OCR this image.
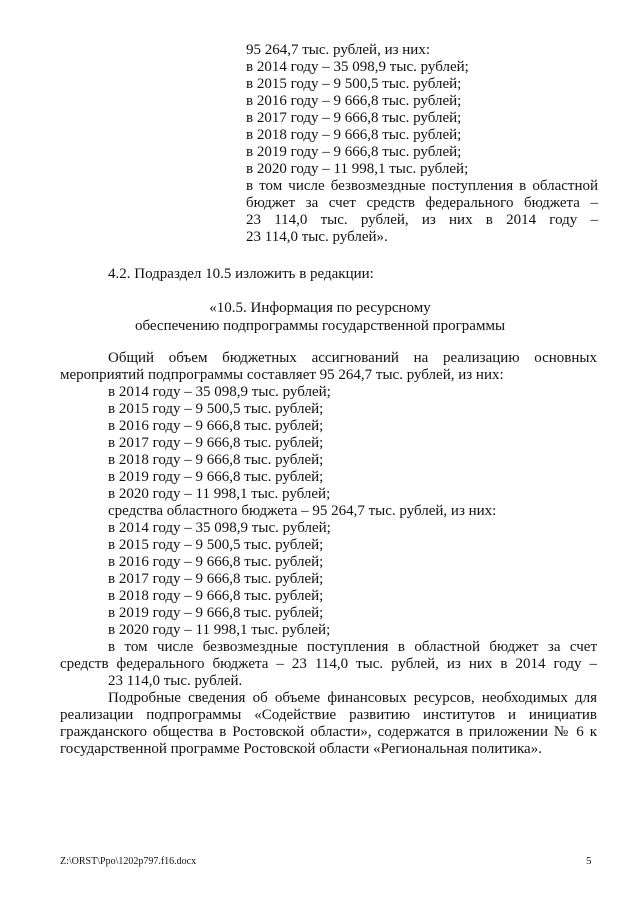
95 264,7 тыс. рублей, из них:
в 2014 году – 35 098,9 тыс. рублей;
в 2015 году – 9 500,5 тыс. рублей;
в 2016 году – 9 666,8 тыс. рублей;
в 2017 году – 9 666,8 тыс. рублей;
в 2018 году – 9 666,8 тыс. рублей;
в 2019 году – 9 666,8 тыс. рублей;
в 2020 году – 11 998,1 тыс. рублей;
в том числе безвозмездные поступления в областной
бюджет за счет средств федерального бюджета –
23 114,0 тыс. рублей, из них в 2014 году –
23 114,0 тыс. рублей».
4.2. Подраздел 10.5 изложить в редакции:
«10.5. Информация по ресурсному
обеспечению подпрограммы государственной программы
Общий объем бюджетных ассигнований на реализацию основных
мероприятий подпрограммы составляет 95 264,7 тыс. рублей, из них:
в 2014 году – 35 098,9 тыс. рублей;
в 2015 году – 9 500,5 тыс. рублей;
в 2016 году – 9 666,8 тыс. рублей;
в 2017 году – 9 666,8 тыс. рублей;
в 2018 году – 9 666,8 тыс. рублей;
в 2019 году – 9 666,8 тыс. рублей;
в 2020 году – 11 998,1 тыс. рублей;
средства областного бюджета – 95 264,7 тыс. рублей, из них:
в 2014 году – 35 098,9 тыс. рублей;
в 2015 году – 9 500,5 тыс. рублей;
в 2016 году – 9 666,8 тыс. рублей;
в 2017 году – 9 666,8 тыс. рублей;
в 2018 году – 9 666,8 тыс. рублей;
в 2019 году – 9 666,8 тыс. рублей;
в 2020 году – 11 998,1 тыс. рублей;
в том числе безвозмездные поступления в областной бюджет за счет
средств федерального бюджета – 23 114,0 тыс. рублей, из них в 2014 году –
23 114,0 тыс. рублей.
Подробные сведения об объеме финансовых ресурсов, необходимых для
реализации подпрограммы «Содействие развитию институтов и инициатив
гражданского общества в Ростовской области», содержатся в приложении № 6 к
государственной программе Ростовской области «Региональная политика».
Z:\ORST\Ppo\1202p797.f16.docx	5
